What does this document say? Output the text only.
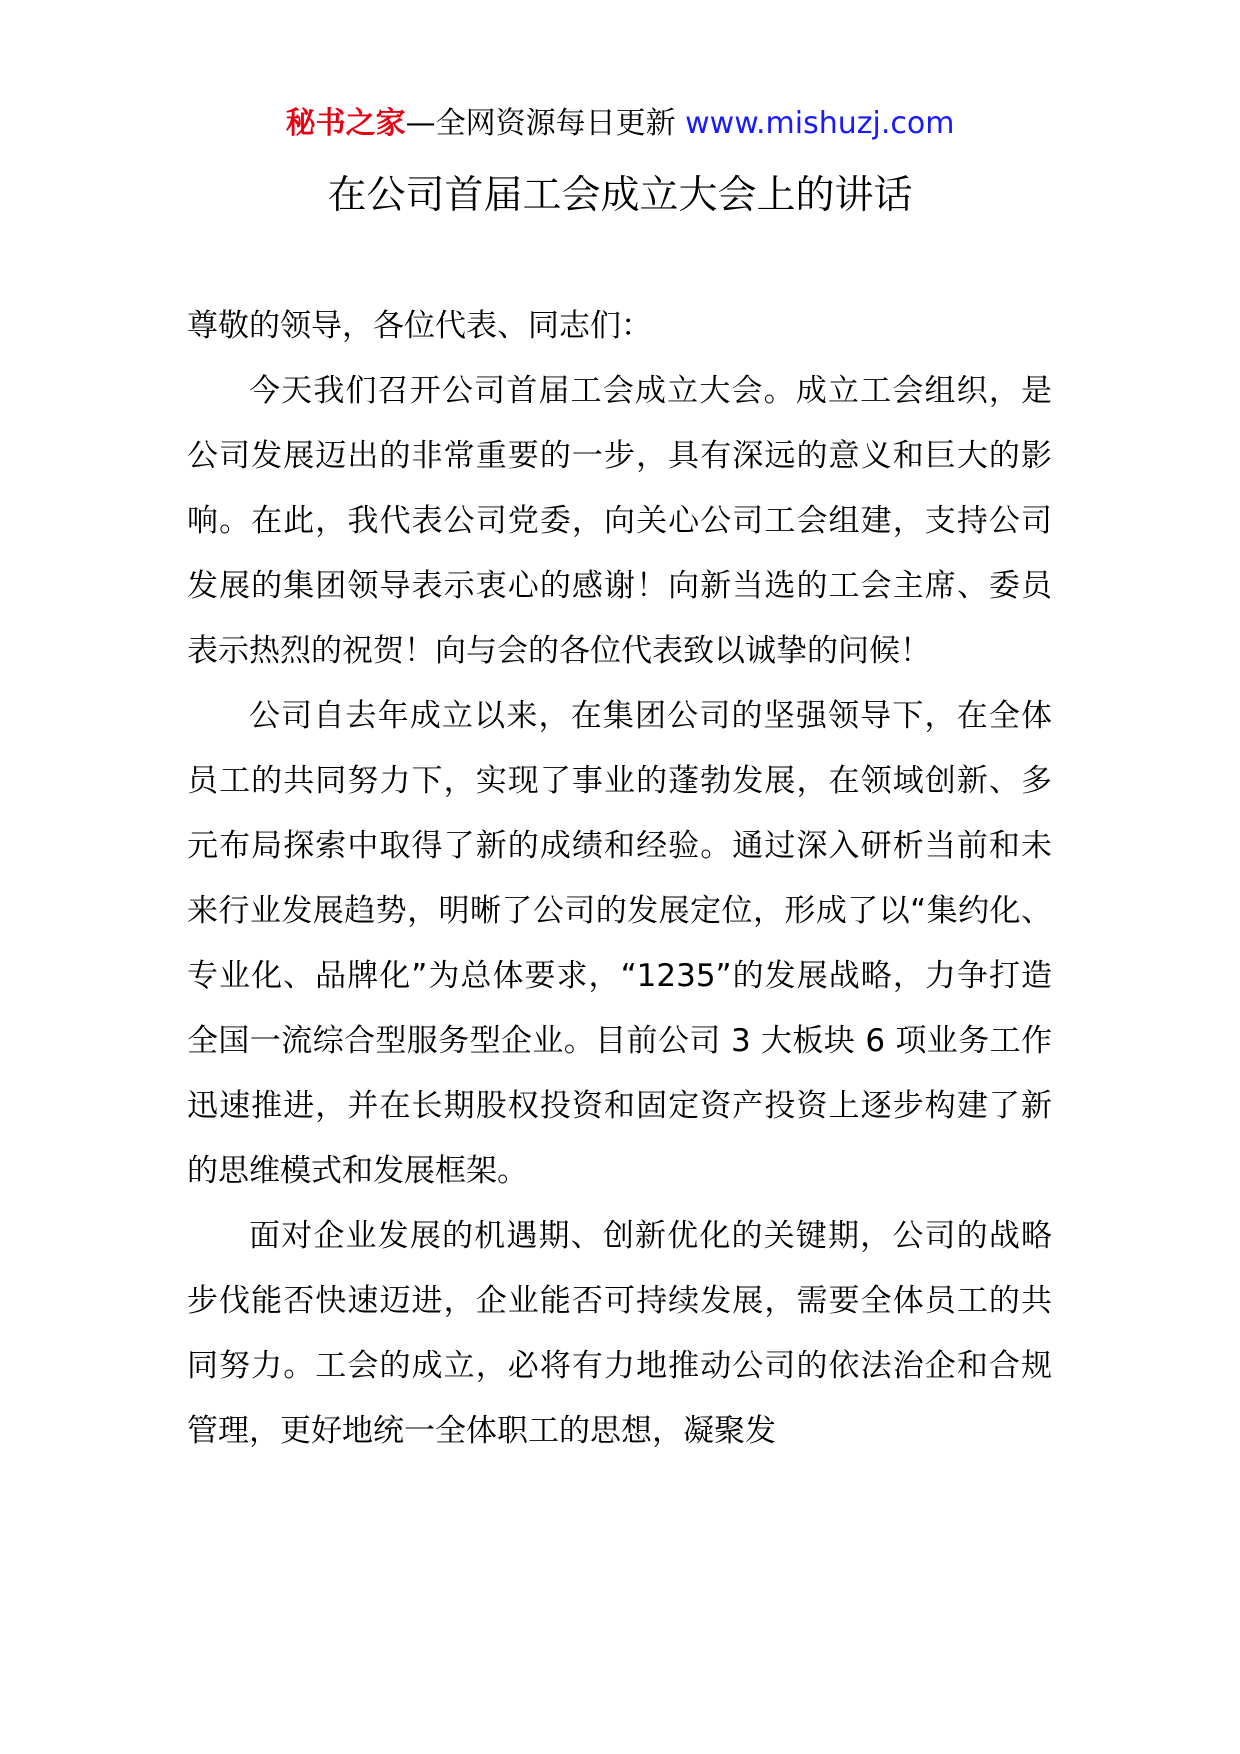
秘书之家—全网资源每日更新 www.mishuzj.com
在公司首届工会成立大会上的讲话

尊敬的领导，各位代表、同志们：

今天我们召开公司首届工会成立大会。成立工会组织，是公司发展迈出的非常重要的一步，具有深远的意义和巨大的影响。在此，我代表公司党委，向关心公司工会组建，支持公司发展的集团领导表示衷心的感谢！向新当选的工会主席、委员表示热烈的祝贺！向与会的各位代表致以诚挚的问候！

公司自去年成立以来，在集团公司的坚强领导下，在全体员工的共同努力下，实现了事业的蓬勃发展，在领域创新、多元布局探索中取得了新的成绩和经验。通过深入研析当前和未来行业发展趋势，明晰了公司的发展定位，形成了以“集约化、专业化、品牌化”为总体要求，“1235”的发展战略，力争打造全国一流综合型服务型企业。目前公司 3 大板块 6 项业务工作迅速推进，并在长期股权投资和固定资产投资上逐步构建了新的思维模式和发展框架。

面对企业发展的机遇期、创新优化的关键期，公司的战略步伐能否快速迈进，企业能否可持续发展，需要全体员工的共同努力。工会的成立，必将有力地推动公司的依法治企和合规管理，更好地统一全体职工的思想，凝聚发
